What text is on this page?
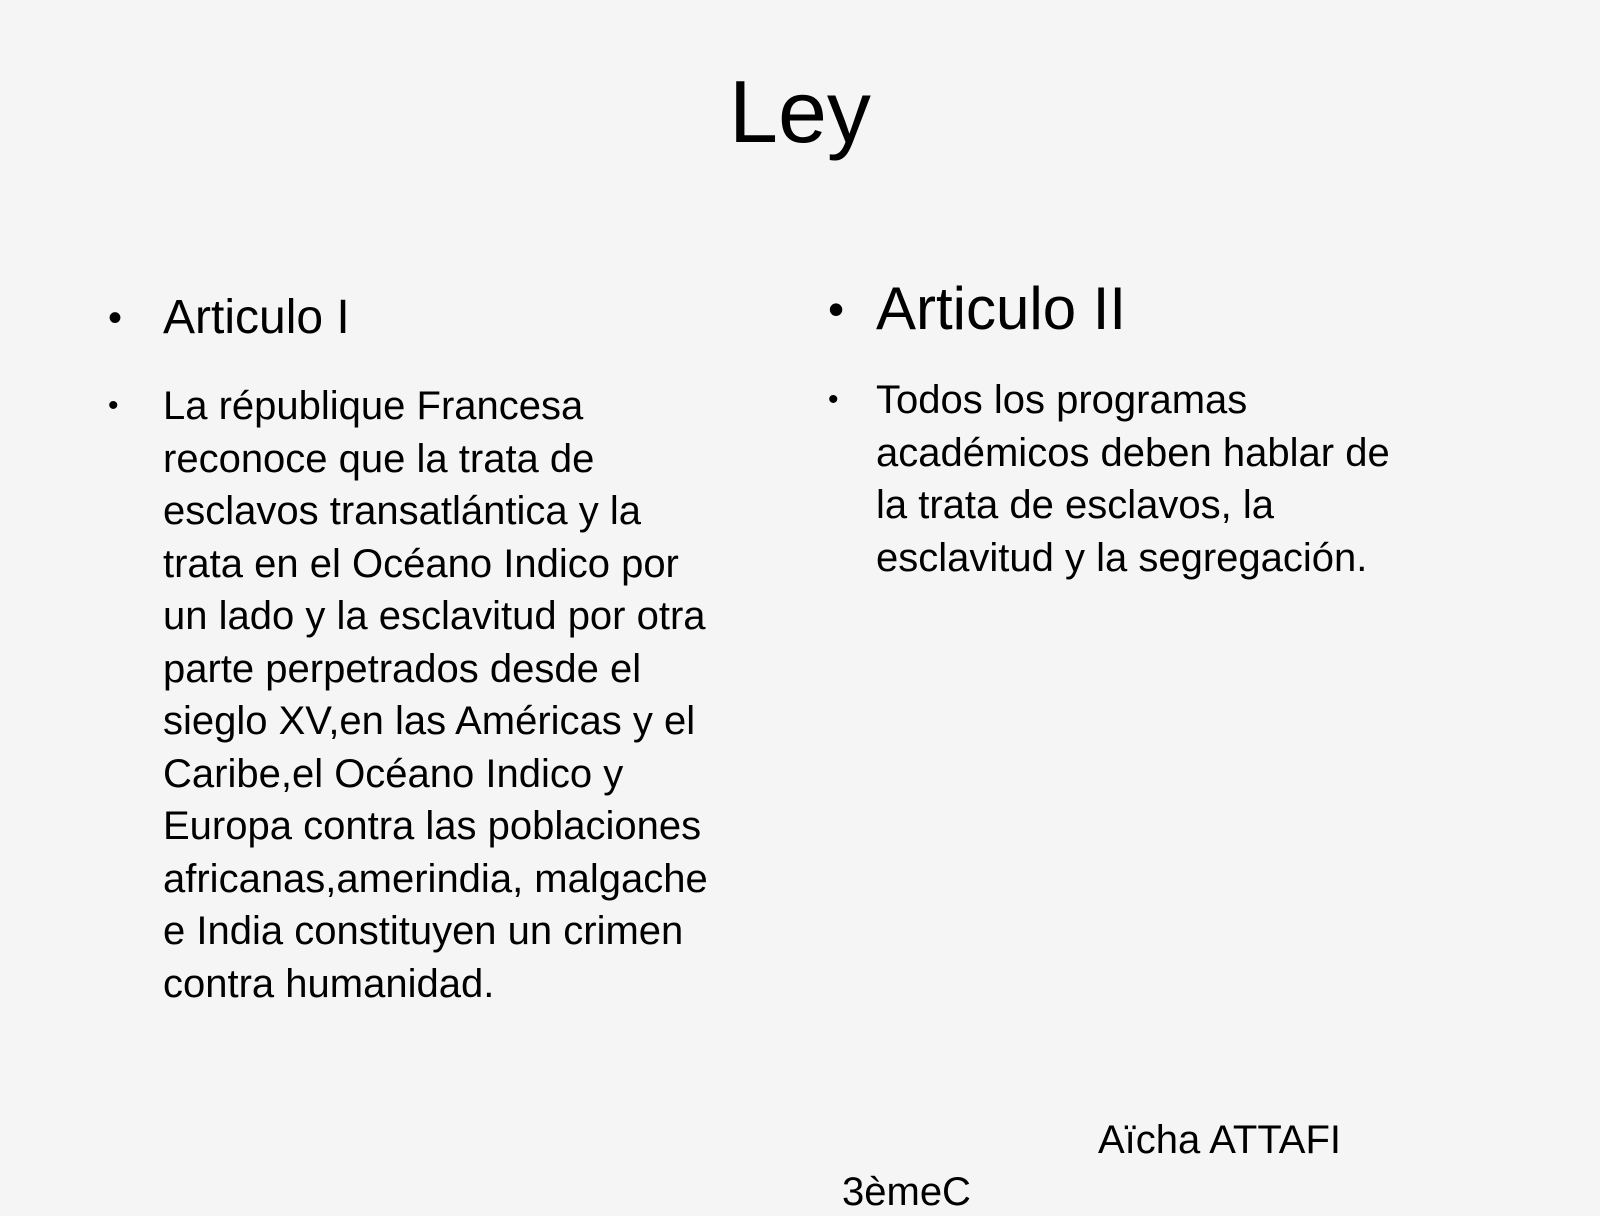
Ley
• Articulo I
•	La république Francesa
reconoce que la trata de
esclavos transatlántica y la
trata en el Océano Indico por
un lado y la esclavitud por otra
parte perpetrados desde el
sieglo XV,en las Américas y el
Caribe,el Océano Indico y
Europa contra las poblaciones
africanas,amerindia, malgache
e India constituyen un crimen
contra humanidad.
• Articulo II
• Todos los programas
académicos deben hablar de
la trata de esclavos, la
esclavitud y la segregación.
Aïcha ATTAFI
3èmeC
